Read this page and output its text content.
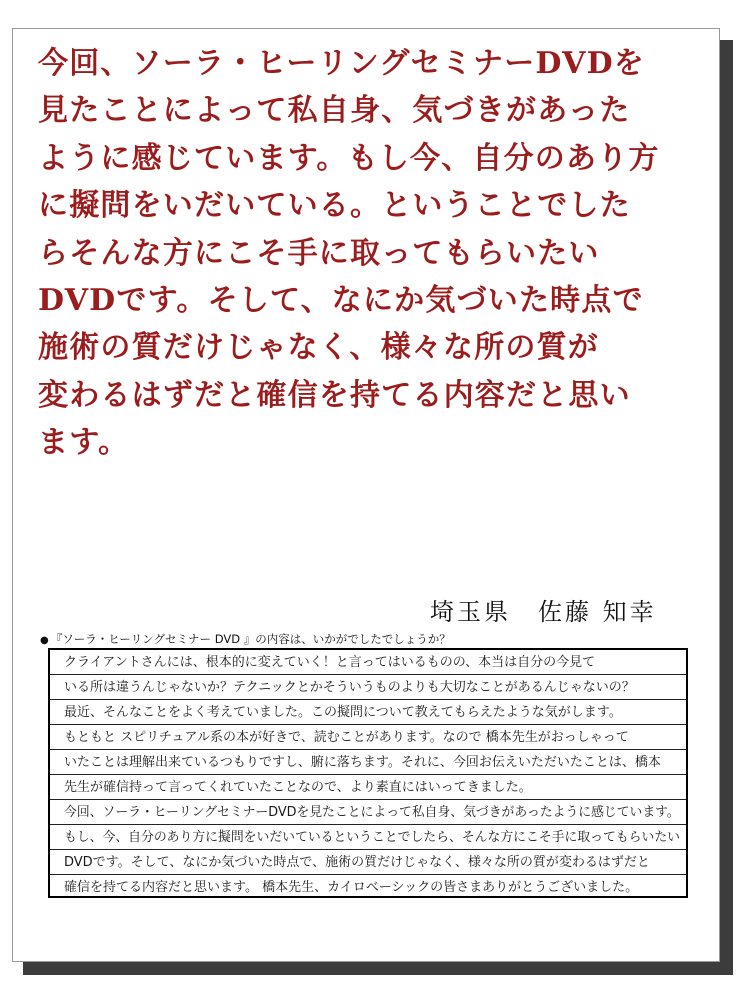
今回、ソーラ・ヒーリングセミナーDVDを
見たことによって私自身、気づきがあった
ように感じています。もし今、自分のあり方
に擬問をいだいている。ということでした
らそんな方にこそ手に取ってもらいたい
DVDです。そして、なにか気づいた時点で
施術の質だけじゃなく、様々な所の質が
変わるはずだと確信を持てる内容だと思い
ます。

埼玉県　佐藤 知幸

● 『ソーラ・ヒーリングセミナー DVD 』の内容は、いかがでしたでしょうか？

クライアントさんには、根本的に変えていく！と言ってはいるものの、本当は自分の今見て
いる所は違うんじゃないか？テクニックとかそういうものよりも大切なことがあるんじゃないの？
最近、そんなことをよく考えていました。この擬問について教えてもらえたような気がします。
もともと スピリチュアル系の本が好きで、読むことがあります。なので 橋本先生がおっしゃって
いたことは理解出来ているつもりですし、腑に落ちます。それに、今回お伝えいただいたことは、橋本
先生が確信持って言ってくれていたことなので、より素直にはいってきました。
今回、ソーラ・ヒーリングセミナーDVDを見たことによって私自身、気づきがあったように感じています。
もし、今、自分のあり方に擬問をいだいているということでしたら、そんな方にこそ手に取ってもらいたい
DVDです。そして、なにか気づいた時点で、施術の質だけじゃなく、様々な所の質が変わるはずだと
確信を持てる内容だと思います。 橋本先生、カイロベーシックの皆さまありがとうございました。
